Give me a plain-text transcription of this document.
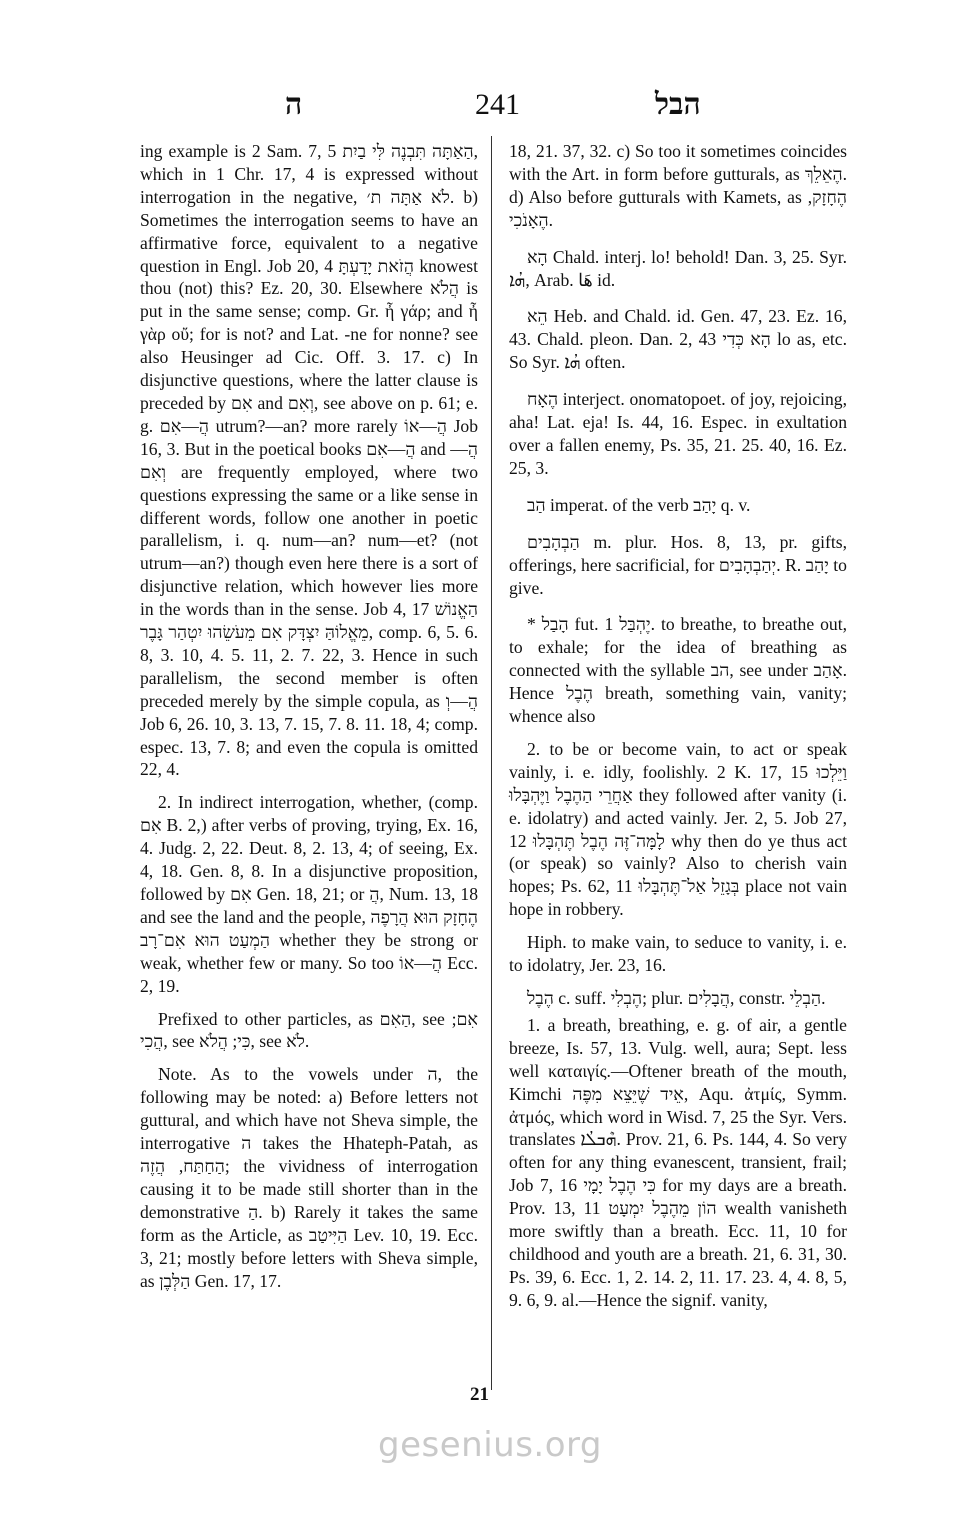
ה	241	הבל

ing example is 2 Sam. 7, 5 הַאַתָּה תִּבְנֶה לִּי בַיִת, which in 1 Chr. 17, 4 is expressed without interrogation in the negative, לֹא אַתָּה ת׳. b) Sometimes the interrogation seems to have an affirmative force, equivalent to a negative question in Engl. Job 20, 4 הֲזֹאת יָדַעְתָּ knowest thou (not) this? Ez. 20, 30. Elsewhere הֲלֹא is put in the same sense; comp. Gr. ἦ γάρ; and ἦ γὰρ οὔ; for is not? and Lat. -ne for nonne? see also Heusinger ad Cic. Off. 3. 17. c) In disjunctive questions, where the latter clause is preceded by אִם and וְאִם, see above on p. 61; e. g. הֲ—אִם utrum?—an? more rarely הֲ—אוֹ Job 16, 3. But in the poetical books הֲ—אִם and הֲ—וְאִם are frequently employed, where two questions expressing the same or a like sense in different words, follow one another in poetic parallelism, i. q. num—an? num—et? (not utrum—an?) though even here there is a sort of disjunctive relation, which however lies more in the words than in the sense. Job 4, 17 הַאֱנוֹשׁ מֵאֱלוֹהַּ יִצְדָּק אִם מֵעֹשֵׂהוּ יִטְהַר גָּבֶר, comp. 6, 5. 6. 8, 3. 10, 4. 5. 11, 2. 7. 22, 3. Hence in such parallelism, the second member is often preceded merely by the simple copula, as הֲ—וְ Job 6, 26. 10, 3. 13, 7. 15, 7. 8. 11. 18, 4; comp. espec. 13, 7. 8; and even the copula is omitted 22, 4.

2. In indirect interrogation, whether, (comp. אִם B. 2,) after verbs of proving, trying, Ex. 16, 4. Judg. 2, 22. Deut. 8, 2. 13, 4; of seeing, Ex. 4, 18. Gen. 8, 8. In a disjunctive proposition, followed by אִם Gen. 18, 21; or הֲ, Num. 13, 18 and see the land and the people, הֶחָזָק הוּא הֲרָפֶה הַמְעַט הוּא אִם־רָב whether they be strong or weak, whether few or many. So too הֲ—אוֹ Ecc. 2, 19.

Prefixed to other particles, as הַאִם, see אִם; הֲכִי, see כִּי; הֲלֹא, see לֹא.

Note. As to the vowels under ה, the following may be noted: a) Before letters not guttural, and which have not Sheva simple, the interrogative ה takes the Hhateph-Patah, as הַחַתַּח, הֲזֶה; the vividness of interrogation causing it to be made still shorter than in the demonstrative הַ. b) Rarely it takes the same form as the Article, as הַיִּיטַב Lev. 10, 19. Ecc. 3, 21; mostly before letters with Sheva simple, as הַלְּבֶן Gen. 17, 17.

18, 21. 37, 32. c) So too it sometimes coincides with the Art. in form before gutturals, as הֶאֵלֵךְ. d) Also before gutturals with Kamets, as הֶחָזָק, הֶאָנֹכִי.

הָא Chald. interj. lo! behold! Dan. 3, 25. Syr. ܗܳܐ, Arab. هَا id.

הֵא Heb. and Chald. id. Gen. 47, 23. Ez. 16, 43. Chald. pleon. Dan. 2, 43 הָא כְּדִי lo as, etc. So Syr. ܗܳܐ often.

הֶאָח interject. onomatopoet. of joy, rejoicing, aha! Lat. eja! Is. 44, 16. Espec. in exultation over a fallen enemy, Ps. 35, 21. 25. 40, 16. Ez. 25, 3.

הַב imperat. of the verb יָהַב q. v.

הַבְהָבִים m. plur. Hos. 8, 13, pr. gifts, offerings, here sacrificial, for יְהַבְהָבִים. R. יָהַב to give.

* הָבַל fut. יֶהְבַּל 1. to breathe, to breathe out, to exhale; for the idea of breathing as connected with the syllable הב, see under אָהַב. Hence הֶבֶל breath, something vain, vanity; whence also

2. to be or become vain, to act or speak vainly, i. e. idly, foolishly. 2 K. 17, 15 וַיֵּלְכוּ אַחֲרֵי הַהֶבֶל וַיֶּהְבָּלוּ they followed after vanity (i. e. idolatry) and acted vainly. Jer. 2, 5. Job 27, 12 לָמָּה־זֶּה הֶבֶל תֶּהְבָּלוּ why then do ye thus act (or speak) so vainly? Also to cherish vain hopes; Ps. 62, 11 בְּגָזֵל אַל־תֶּהְבָּלוּ place not vain hope in robbery.

Hiph. to make vain, to seduce to vanity, i. e. to idolatry, Jer. 23, 16.

הֶבֶל c. suff. הֶבְלִי; plur. הֲבָלִים, constr. הַבְלֵי.

1. a breath, breathing, e. g. of air, a gentle breeze, Is. 57, 13. Vulg. well, aura; Sept. less well καταιγίς.—Oftener breath of the mouth, Kimchi אֵיד שֶׁיֵּצֵא מִפֶּה, Aqu. ἀτμίς, Symm. ἀτμός, which word in Wisd. 7, 25 the Syr. Vers. translates ܗܶܒܠܳܐ. Prov. 21, 6. Ps. 144, 4. So very often for any thing evanescent, transient, frail; Job 7, 16 כִּי הֶבֶל יָמָי for my days are a breath. Prov. 13, 11 הוֹן מֵהֶבֶל יִמְעָט wealth vanisheth more swiftly than a breath. Ecc. 11, 10 for childhood and youth are a breath. 21, 6. 31, 30. Ps. 39, 6. Ecc. 1, 2. 14. 2, 11. 17. 23. 4, 4. 8, 5, 9. 6, 9. al.—Hence the signif. vanity,

21
gesenius.org
